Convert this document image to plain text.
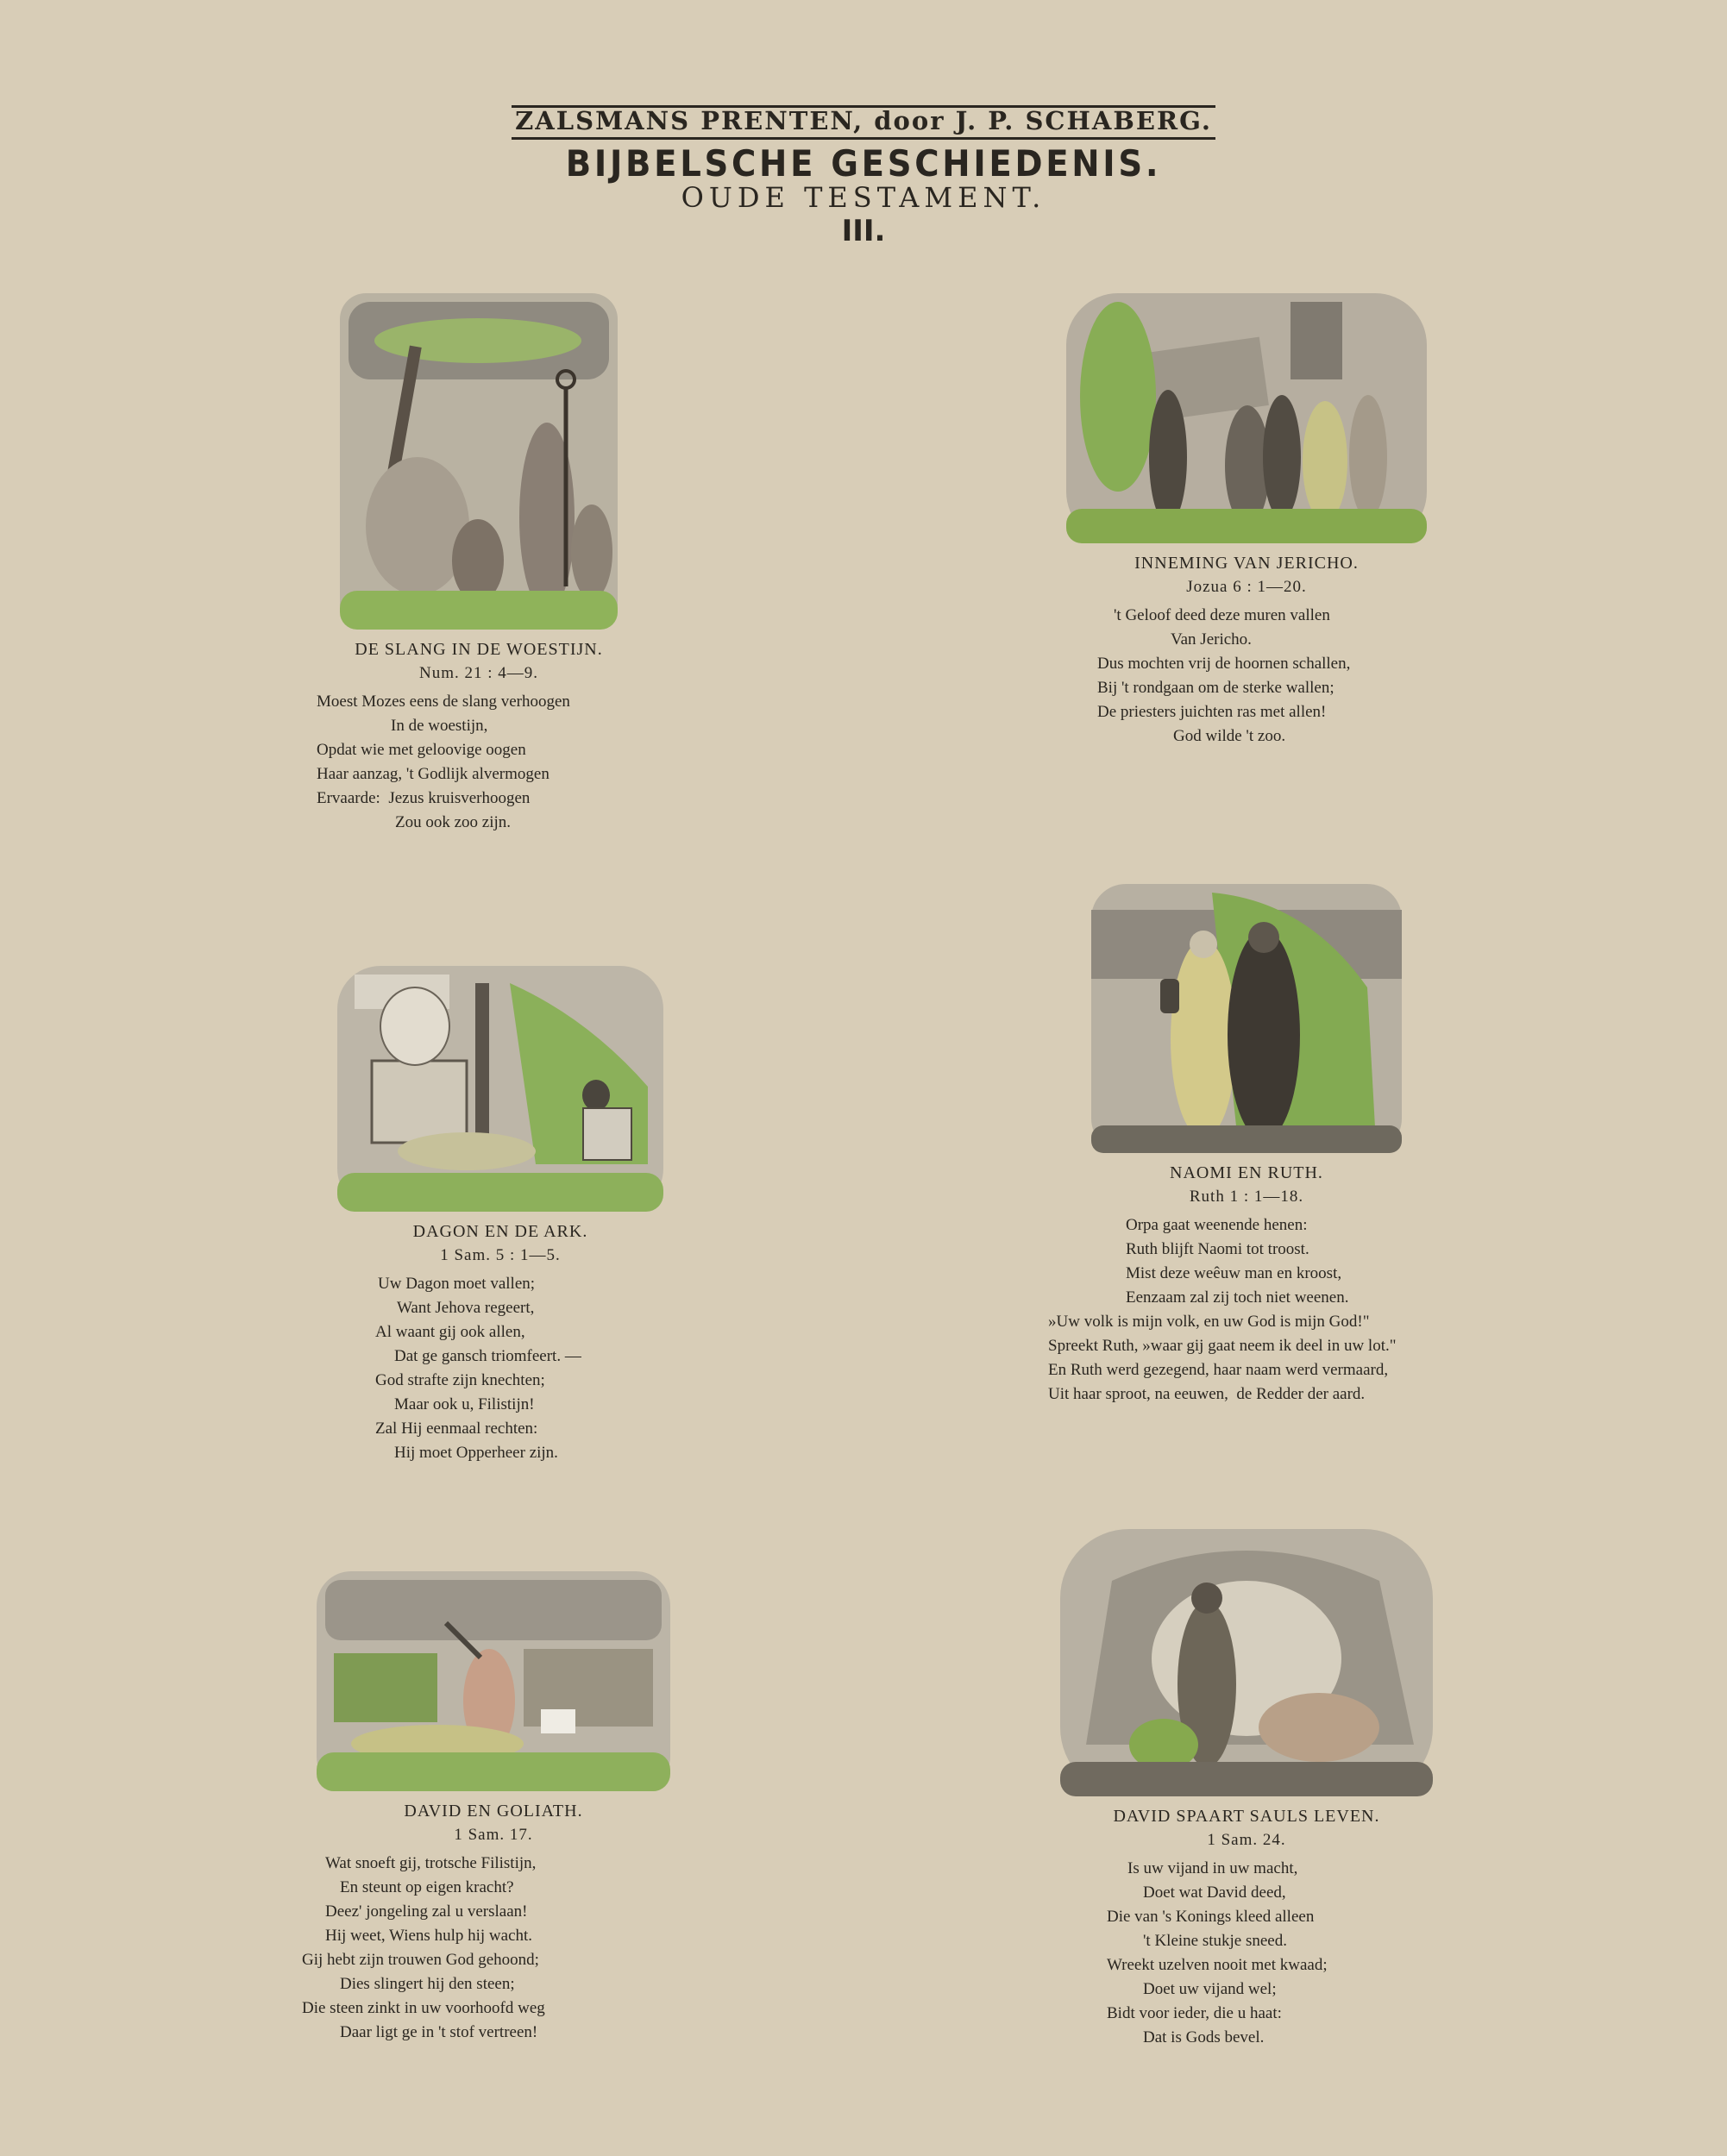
ZALSMANS PRENTEN, door J. P. SCHABERG.
BIJBELSCHE GESCHIEDENIS.
OUDE TESTAMENT.
III.
DE SLANG IN DE WOESTIJN.
Num. 21 : 4—9.
Moest Mozes eens de slang verhoogen
In de woestijn,
Opdat wie met geloovige oogen
Haar aanzag, 't Godlijk alvermogen
Ervaarde:  Jezus kruisverhoogen
Zou ook zoo zijn.
INNEMING VAN JERICHO.
Jozua 6 : 1—20.
't Geloof deed deze muren vallen
Van Jericho.
Dus mochten vrij de hoornen schallen,
Bij 't rondgaan om de sterke wallen;
De priesters juichten ras met allen!
God wilde 't zoo.
DAGON EN DE ARK.
1 Sam. 5 : 1—5.
Uw Dagon moet vallen;
Want Jehova regeert,
Al waant gij ook allen,
Dat ge gansch triomfeert. —
God strafte zijn knechten;
Maar ook u, Filistijn!
Zal Hij eenmaal rechten:
Hij moet Opperheer zijn.
NAOMI EN RUTH.
Ruth 1 : 1—18.
Orpa gaat weenende henen:
Ruth blijft Naomi tot troost.
Mist deze weêuw man en kroost,
Eenzaam zal zij toch niet weenen.
»Uw volk is mijn volk, en uw God is mijn God!"
Spreekt Ruth, »waar gij gaat neem ik deel in uw lot."
En Ruth werd gezegend, haar naam werd vermaard,
Uit haar sproot, na eeuwen,  de Redder der aard.
DAVID EN GOLIATH.
1 Sam. 17.
Wat snoeft gij, trotsche Filistijn,
En steunt op eigen kracht?
Deez' jongeling zal u verslaan!
Hij weet, Wiens hulp hij wacht.
Gij hebt zijn trouwen God gehoond;
Dies slingert hij den steen;
Die steen zinkt in uw voorhoofd weg
Daar ligt ge in 't stof vertreen!
DAVID SPAART SAULS LEVEN.
1 Sam. 24.
Is uw vijand in uw macht,
Doet wat David deed,
Die van 's Konings kleed alleen
't Kleine stukje sneed.
Wreekt uzelven nooit met kwaad;
Doet uw vijand wel;
Bidt voor ieder, die u haat:
Dat is Gods bevel.
